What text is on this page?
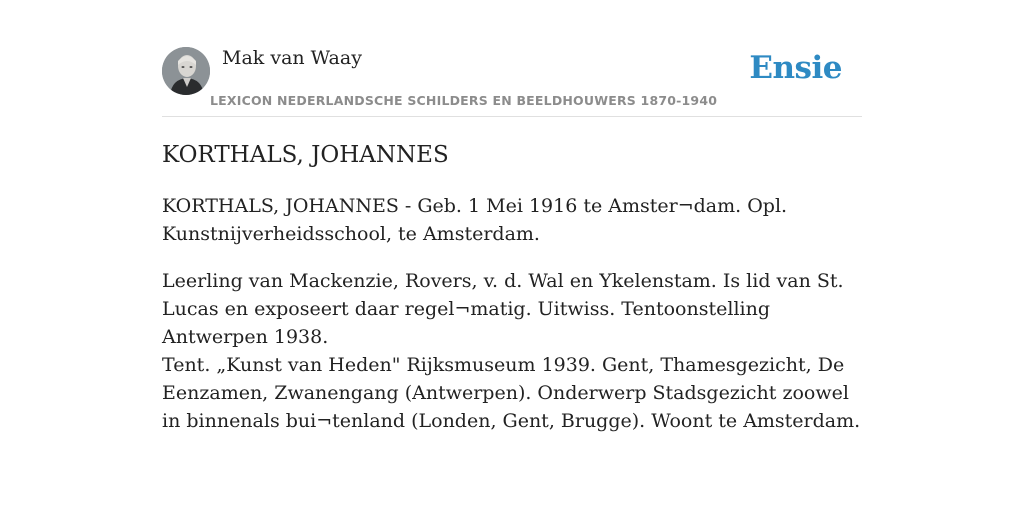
Mak van Waay

LEXICON NEDERLANDSCHE SCHILDERS EN BEELDHOUWERS 1870-1940
Ensie
KORTHALS, JOHANNES

KORTHALS, JOHANNES - Geb. 1 Mei 1916 te Amster¬dam. Opl. Kunstnijverheidsschool, te Amsterdam.

Leerling van Mackenzie, Rovers, v. d. Wal en Ykelenstam. Is lid van St. Lucas en exposeert daar regel¬matig. Uitwiss. Tentoonstelling Antwerpen 1938.

Tent. „Kunst van Heden" Rijksmuseum 1939. Gent, Thamesgezicht, De Eenzamen, Zwanengang (Antwerpen). Onderwerp Stadsgezicht zoowel in binnenals bui¬tenland (Londen, Gent, Brugge). Woont te Amsterdam.
